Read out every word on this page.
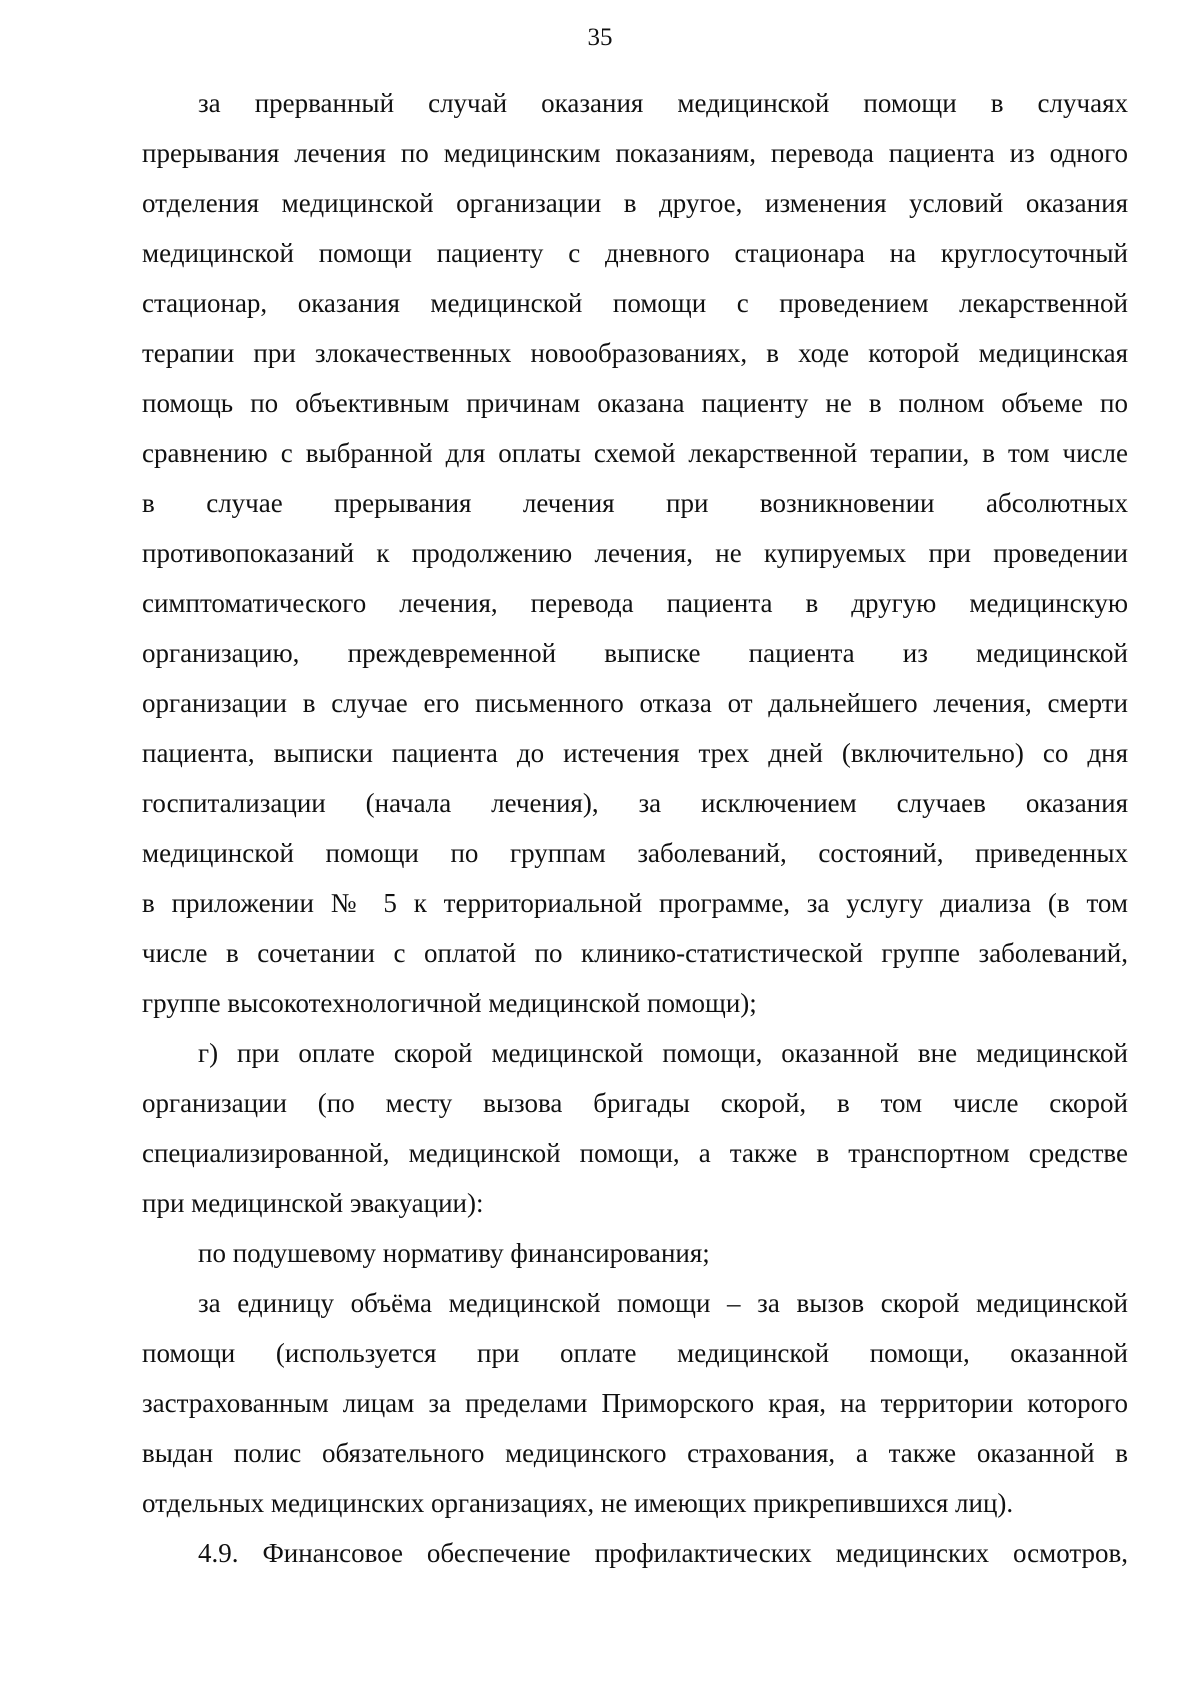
35
за прерванный случай оказания медицинской помощи в случаях
прерывания лечения по медицинским показаниям, перевода пациента из одного
отделения медицинской организации в другое, изменения условий оказания
медицинской помощи пациенту с дневного стационара на круглосуточный
стационар, оказания медицинской помощи с проведением лекарственной
терапии при злокачественных новообразованиях, в ходе которой медицинская
помощь по объективным причинам оказана пациенту не в полном объеме по
сравнению с выбранной для оплаты схемой лекарственной терапии, в том числе
в случае прерывания лечения при возникновении абсолютных
противопоказаний к продолжению лечения, не купируемых при проведении
симптоматического лечения, перевода пациента в другую медицинскую
организацию, преждевременной выписке пациента из медицинской
организации в случае его письменного отказа от дальнейшего лечения, смерти
пациента, выписки пациента до истечения трех дней (включительно) со дня
госпитализации (начала лечения), за исключением случаев оказания
медицинской помощи по группам заболеваний, состояний, приведенных
в приложении № 5 к территориальной программе, за услугу диализа (в том
числе в сочетании с оплатой по клинико-статистической группе заболеваний,
группе высокотехнологичной медицинской помощи);
г) при оплате скорой медицинской помощи, оказанной вне медицинской
организации (по месту вызова бригады скорой, в том числе скорой
специализированной, медицинской помощи, а также в транспортном средстве
при медицинской эвакуации):
по подушевому нормативу финансирования;
за единицу объёма медицинской помощи – за вызов скорой медицинской
помощи (используется при оплате медицинской помощи, оказанной
застрахованным лицам за пределами Приморского края, на территории которого
выдан полис обязательного медицинского страхования, а также оказанной в
отдельных медицинских организациях, не имеющих прикрепившихся лиц).
4.9. Финансовое обеспечение профилактических медицинских осмотров,
